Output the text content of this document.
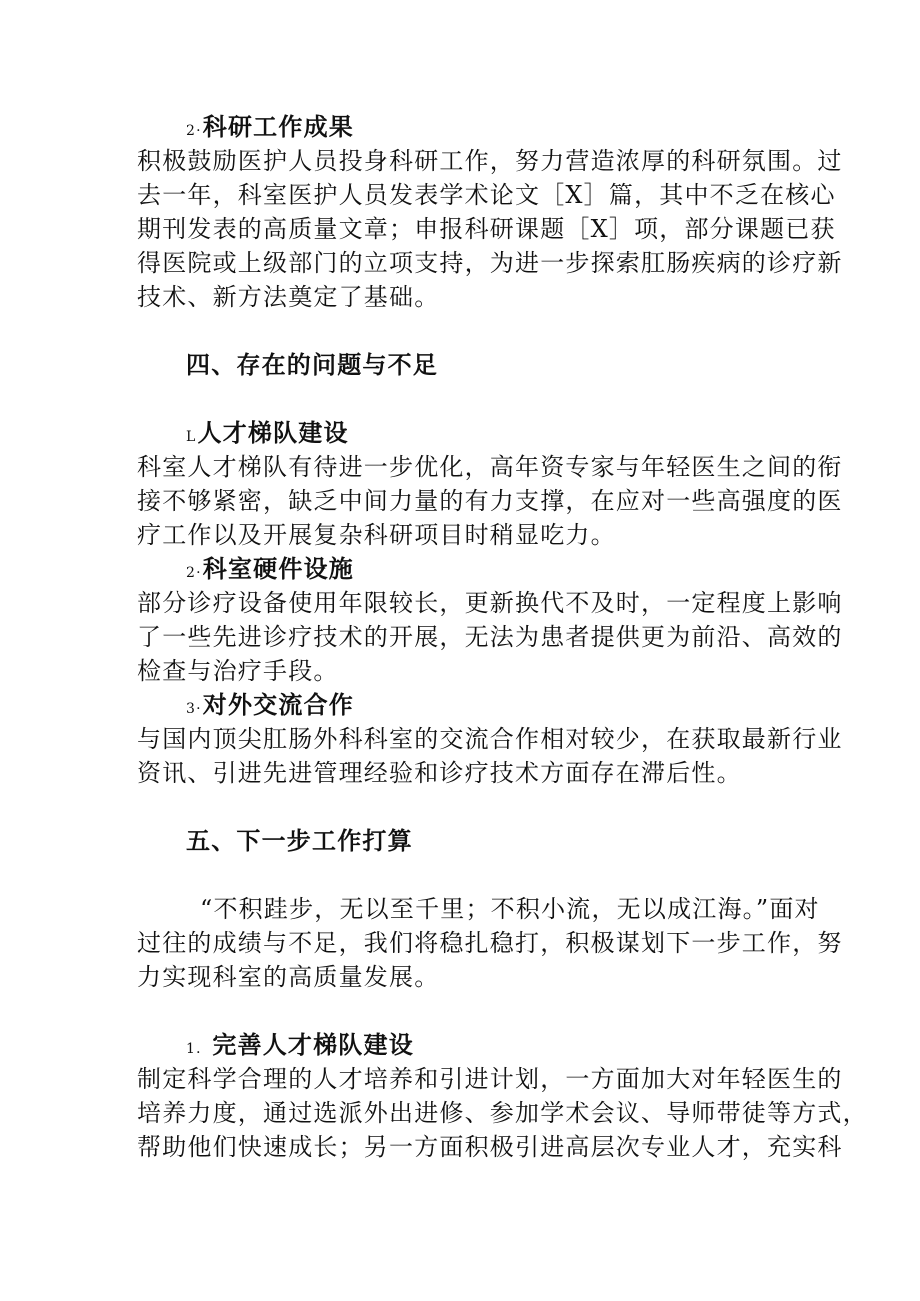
2·科研工作成果
积极鼓励医护人员投身科研工作，努力营造浓厚的科研氛围。过
去一年，科室医护人员发表学术论文［X］篇，其中不乏在核心
期刊发表的高质量文章；申报科研课题［X］项，部分课题已获
得医院或上级部门的立项支持，为进一步探索肛肠疾病的诊疗新
技术、新方法奠定了基础。
四、存在的问题与不足
L人才梯队建设
科室人才梯队有待进一步优化，高年资专家与年轻医生之间的衔
接不够紧密，缺乏中间力量的有力支撑，在应对一些高强度的医
疗工作以及开展复杂科研项目时稍显吃力。
2·科室硬件设施
部分诊疗设备使用年限较长，更新换代不及时，一定程度上影响
了一些先进诊疗技术的开展，无法为患者提供更为前沿、高效的
检查与治疗手段。
3·对外交流合作
与国内顶尖肛肠外科科室的交流合作相对较少，在获取最新行业
资讯、引进先进管理经验和诊疗技术方面存在滞后性。
五、下一步工作打算
“不积跬步，无以至千里；不积小流，无以成江海。”面对
过往的成绩与不足，我们将稳扎稳打，积极谋划下一步工作，努
力实现科室的高质量发展。
1．完善人才梯队建设
制定科学合理的人才培养和引进计划，一方面加大对年轻医生的
培养力度，通过选派外出进修、参加学术会议、导师带徒等方式，
帮助他们快速成长；另一方面积极引进高层次专业人才，充实科
